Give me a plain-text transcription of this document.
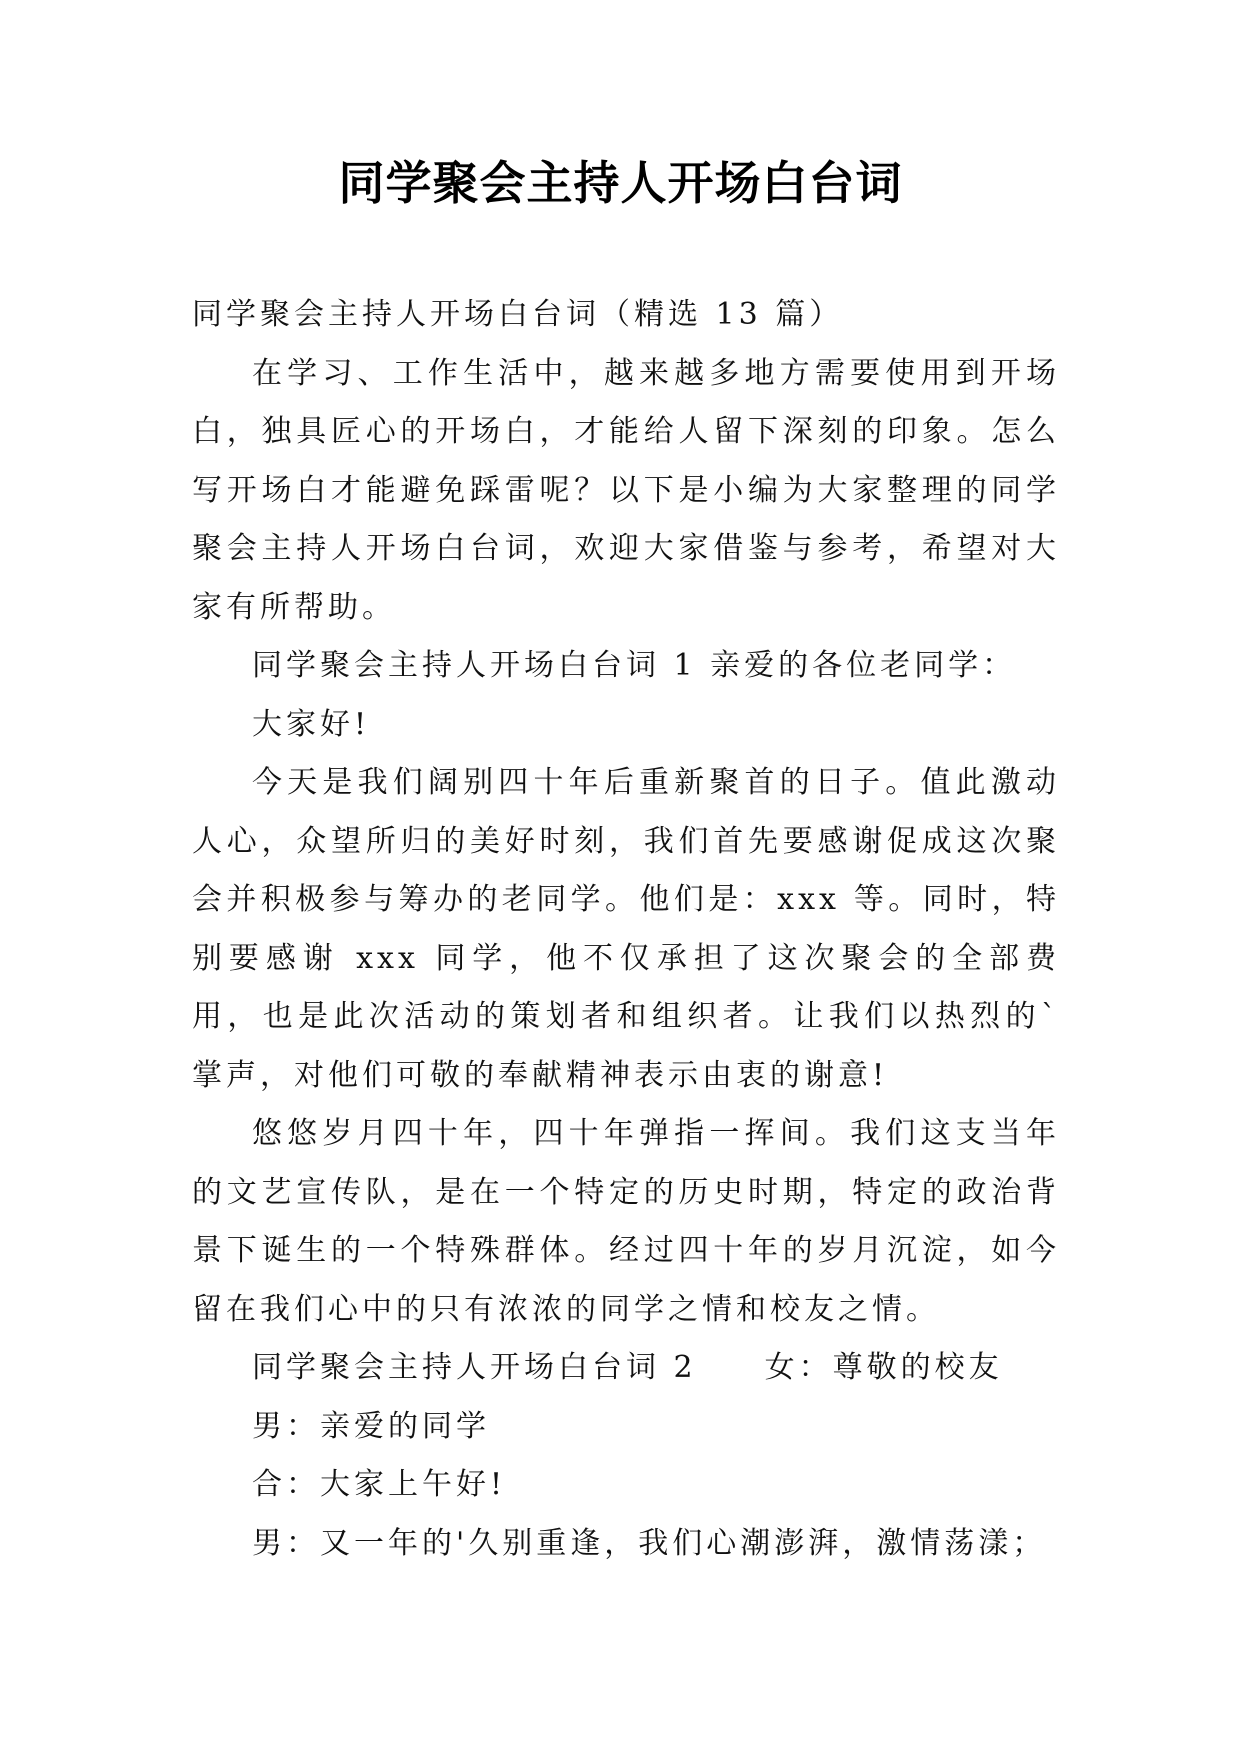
同学聚会主持人开场白台词

同学聚会主持人开场白台词（精选 13 篇）

在学习、工作生活中，越来越多地方需要使用到开场白，独具匠心的开场白，才能给人留下深刻的印象。怎么写开场白才能避免踩雷呢？以下是小编为大家整理的同学聚会主持人开场白台词，欢迎大家借鉴与参考，希望对大家有所帮助。

同学聚会主持人开场白台词 1 亲爱的各位老同学：

大家好!

今天是我们阔别四十年后重新聚首的日子。值此激动人心，众望所归的美好时刻，我们首先要感谢促成这次聚会并积极参与筹办的老同学。他们是：xxx 等。同时，特别要感谢 xxx 同学，他不仅承担了这次聚会的全部费用，也是此次活动的策划者和组织者。让我们以热烈的`掌声，对他们可敬的奉献精神表示由衷的谢意!

悠悠岁月四十年，四十年弹指一挥间。我们这支当年的文艺宣传队，是在一个特定的历史时期，特定的政治背景下诞生的一个特殊群体。经过四十年的岁月沉淀，如今留在我们心中的只有浓浓的同学之情和校友之情。

同学聚会主持人开场白台词 2　　女：尊敬的校友

男：亲爱的同学

合：大家上午好!

男：又一年的'久别重逢，我们心潮澎湃，激情荡漾；
